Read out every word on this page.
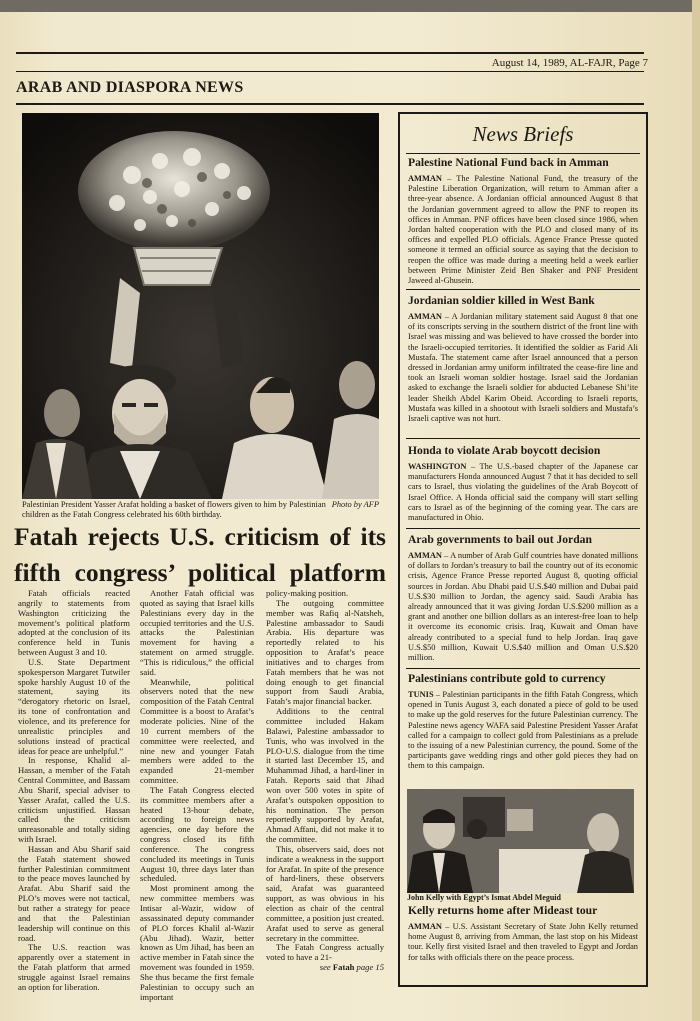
August 14, 1989, AL-FAJR, Page 7
ARAB AND DIASPORA NEWS
Photo by AFP
Palestinian President Yasser Arafat holding a basket of flowers given to him by Palestinian children as the Fatah Congress celebrated his 60th birthday.
Fatah rejects U.S. criticism of its fifth congress’ political platform

Fatah officials reacted angrily to statements from Washington criticizing the movement’s political platform adopted at the conclusion of its conference held in Tunis between August 3 and 10.

U.S. State Department spokesperson Margaret Tutwiler spoke harshly August 10 of the statement, saying its “derogatory rhetoric on Israel, its tone of confrontation and violence, and its preference for unrealistic principles and solutions instead of practical ideas for peace are unhelpful.”

In response, Khalid al-Hassan, a member of the Fatah Central Committee, and Bassam Abu Sharif, special adviser to Yasser Arafat, called the U.S. criticism unjustified. Hassan called the criticism unreasonable and totally siding with Israel.

Hassan and Abu Sharif said the Fatah statement showed further Palestinian commitment to the peace moves launched by Arafat. Abu Sharif said the PLO’s moves were not tactical, but rather a strategy for peace and that the Palestinian leadership will continue on this road.

The U.S. reaction was apparently over a statement in the Fatah platform that armed struggle against Israel remains an option for liberation.

Another Fatah official was quoted as saying that Israel kills Palestinians every day in the occupied territories and the U.S. attacks the Palestinian movement for having a statement on armed struggle. “This is ridiculous,” the official said.

Meanwhile, political observers noted that the new composition of the Fatah Central Committee is a boost to Arafat’s moderate policies. Nine of the 10 current members of the committee were reelected, and nine new and younger Fatah members were added to the expanded 21-member committee.

The Fatah Congress elected its committee members after a heated 13-hour debate, according to foreign news agencies, one day before the congress closed its fifth conference. The congress concluded its meetings in Tunis August 10, three days later than scheduled.

Most prominent among the new committee members was Intisar al-Wazir, widow of assassinated deputy commander of PLO forces Khalil al-Wazir (Abu Jihad). Wazir, better known as Um Jihad, has been an active member in Fatah since the movement was founded in 1959. She thus became the first female Palestinian to occupy such an important

policy-making position.

The outgoing committee member was Rafiq al-Natsheh, Palestine ambassador to Saudi Arabia. His departure was reportedly related to his opposition to Arafat’s peace initiatives and to charges from Fatah members that he was not doing enough to get financial support from Saudi Arabia, Fatah’s major financial backer.

Additions to the central committee included Hakam Balawi, Palestine ambassador to Tunis, who was involved in the PLO-U.S. dialogue from the time it started last December 15, and Muhammad Jihad, a hard-liner in Fatah. Reports said that Jihad won over 500 votes in spite of Arafat’s outspoken opposition to his nomination. The person reportedly supported by Arafat, Ahmad Affani, did not make it to the committee.

This, observers said, does not indicate a weakness in the support for Arafat. In spite of the presence of hard-liners, these observers said, Arafat was guaranteed support, as was obvious in his election as chair of the central committee, a position just created. Arafat used to serve as general secretary in the committee.

The Fatah Congress actually voted to have a 21-

see Fatah page 15

News Briefs
Palestine National Fund back in Amman
AMMAN – The Palestine National Fund, the treasury of the Palestine Liberation Organization, will return to Amman after a three-year absence. A Jordanian official announced August 8 that the Jordanian government agreed to allow the PNF to reopen its offices in Amman. PNF offices have been closed since 1986, when Jordan halted cooperation with the PLO and closed many of its offices and expelled PLO officials. Agence France Presse quoted someone it termed an official source as saying that the decision to reopen the office was made during a meeting held a week earlier between Prime Minister Zeid Ben Shaker and PNF President Jaweed al-Ghusein.
Jordanian soldier killed in West Bank
AMMAN – A Jordanian military statement said August 8 that one of its conscripts serving in the southern district of the front line with Israel was missing and was believed to have crossed the border into the Israeli-occupied territories. It identified the soldier as Farid Ali Mustafa. The statement came after Israel announced that a person dressed in Jordanian army uniform infiltrated the cease-fire line and took an Israeli woman soldier hostage. Israel said the Jordanian asked to exchange the Israeli soldier for abducted Lebanese Shi’ite leader Sheikh Abdel Karim Obeid. According to Israeli reports, Mustafa was killed in a shootout with Israeli soldiers and Mustafa’s Israeli captive was not hurt.
Honda to violate Arab boycott decision
WASHINGTON – The U.S.-based chapter of the Japanese car manufacturers Honda announced August 7 that it has decided to sell cars to Israel, thus violating the guidelines of the Arab Boycott of Israel Office. A Honda official said the company will start selling cars to Israel as of the beginning of the coming year. The cars are manufactured in Ohio.
Arab governments to bail out Jordan
AMMAN – A number of Arab Gulf countries have donated millions of dollars to Jordan’s treasury to bail the country out of its economic crisis, Agence France Presse reported August 8, quoting official sources in Jordan. Abu Dhabi paid U.S.$40 million and Dubai paid U.S.$30 million to Jordan, the agency said. Saudi Arabia has already announced that it was giving Jordan U.S.$200 million as a grant and another one billion dollars as an interest-free loan to help it overcome its economic crisis. Iraq, Kuwait and Oman have already contributed to a special fund to help Jordan. Iraq gave U.S.$50 million, Kuwait U.S.$40 million and Oman U.S.$20 million.
Palestinians contribute gold to currency
TUNIS – Palestinian participants in the fifth Fatah Congress, which opened in Tunis August 3, each donated a piece of gold to be used to make up the gold reserves for the future Palestinian currency. The Palestine news agency WAFA said Palestine President Yasser Arafat called for a campaign to collect gold from Palestinians as a prelude to the issuing of a new Palestinian currency, the pound. Some of the participants gave wedding rings and other gold pieces they had on them to this campaign.
Kelly returns home after Mideast tour
AMMAN – U.S. Assistant Secretary of State John Kelly returned home August 8, arriving from Amman, the last stop on his Mideast tour. Kelly first visited Israel and then traveled to Egypt and Jordan for talks with officials there on the peace process.
John Kelly with Egypt’s Ismat Abdel Meguid
